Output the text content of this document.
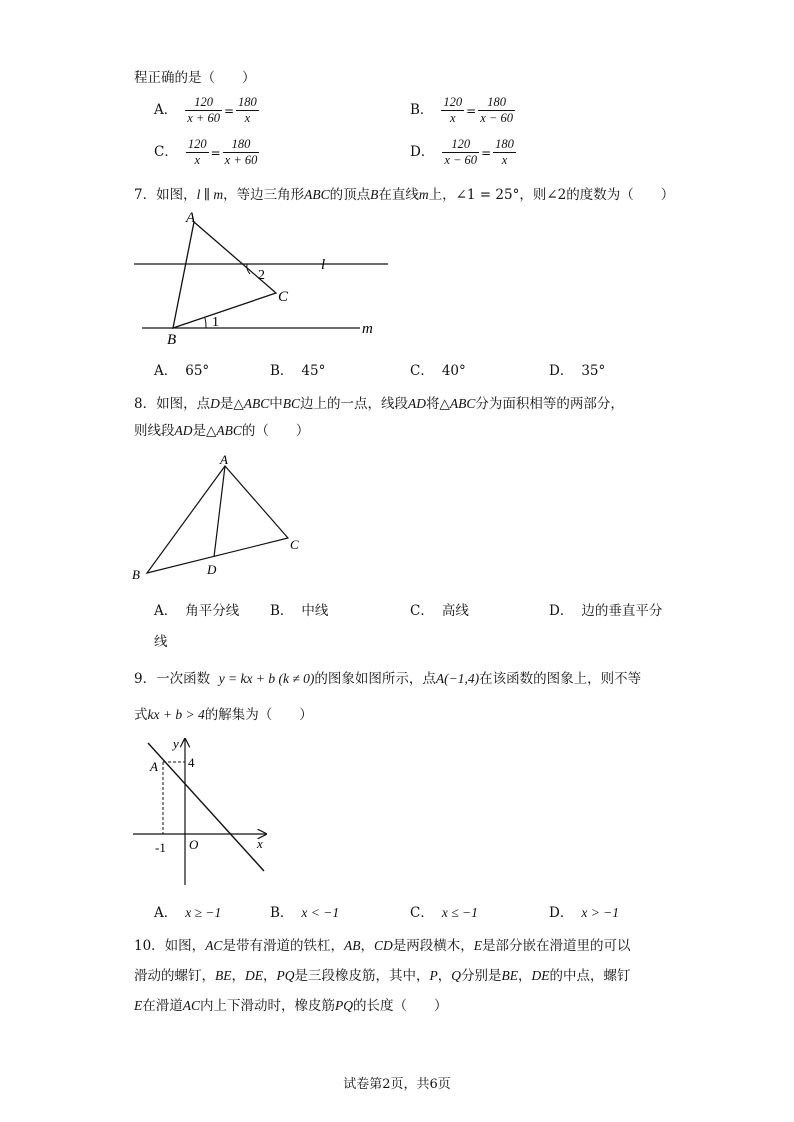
程正确的是（　　）
A． $\frac{120}{x + 60} = \frac{180}{x}$	B． $\frac{120}{x} = \frac{180}{x - 60}$
C． $\frac{120}{x} = \frac{180}{x + 60}$	D． $\frac{120}{x - 60} = \frac{180}{x}$
7．如图，l ∥ m，等边三角形ABC的顶点B在直线m上，∠1 = 25°，则∠2的度数为（　　）
A
B
C
l
m
1
2
A． 65°	B． 45°	C． 40°	D． 35°
8．如图，点D是△ABC中BC边上的一点，线段AD将△ABC分为面积相等的两部分，
则线段AD是△ABC的（　　）
A
B
C
D
A． 角平分线 B． 中线	C． 高线	D． 边的垂直平分
线
9．一次函数 y = kx + b (k ≠ 0)的图象如图所示，点A(−1,4)在该函数的图象上，则不等
式kx + b > 4的解集为（　　）
A
y
4
x
O
-1
A． x ≥ −1	B． x < −1	C． x ≤ −1	D． x > −1
10．如图，AC是带有滑道的铁杠，AB，CD是两段横木，E是部分嵌在滑道里的可以
滑动的螺钉，BE，DE，PQ是三段橡皮筋，其中，P，Q分别是BE，DE的中点，螺钉
E在滑道AC内上下滑动时，橡皮筋PQ的长度（　　）
试卷第2页，共6页
